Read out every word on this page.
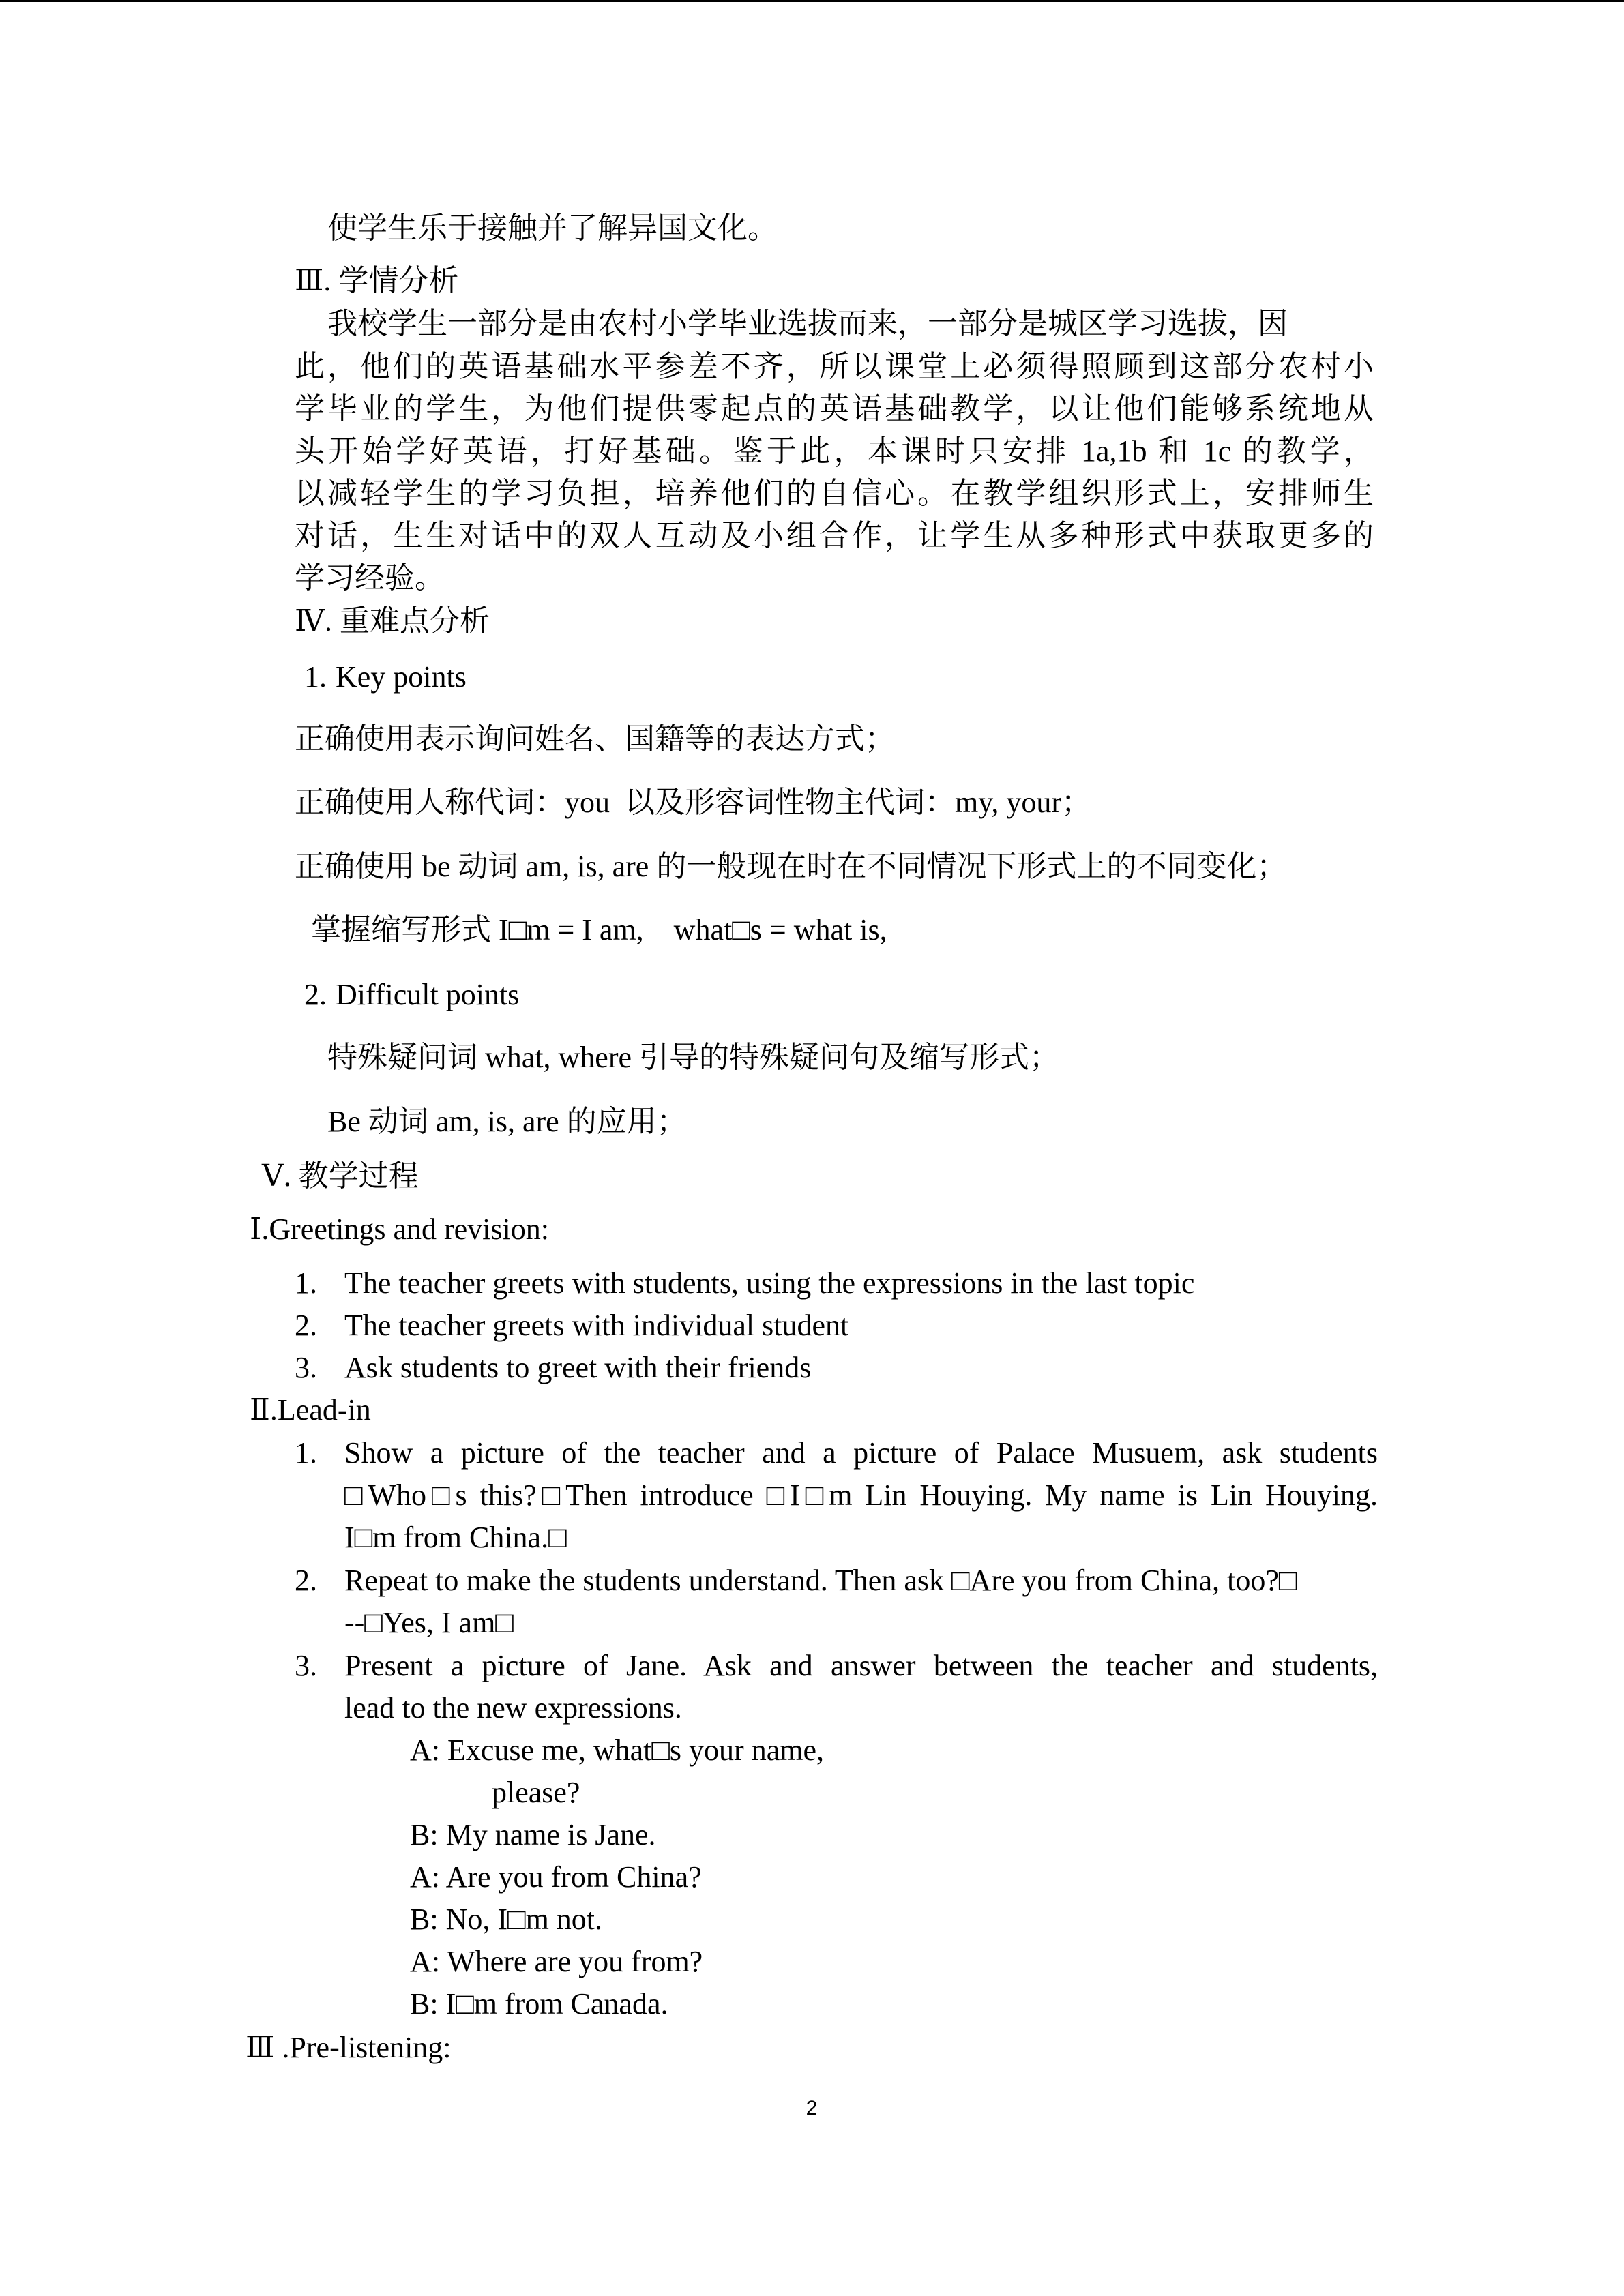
使学生乐于接触并了解异国文化。
Ⅲ. 学情分析
我校学生一部分是由农村小学毕业选拔而来，一部分是城区学习选拔，因
此，他们的英语基础水平参差不齐，所以课堂上必须得照顾到这部分农村小
学毕业的学生，为他们提供零起点的英语基础教学，以让他们能够系统地从
头开始学好英语，打好基础。鉴于此，本课时只安排 1a,1b 和 1c 的教学，
以减轻学生的学习负担，培养他们的自信心。在教学组织形式上，安排师生
对话，生生对话中的双人互动及小组合作，让学生从多种形式中获取更多的
学习经验。
Ⅳ. 重难点分析
1. Key points
正确使用表示询问姓名、国籍等的表达方式；
正确使用人称代词：you  以及形容词性物主代词：my, your；
正确使用 be 动词 am, is, are 的一般现在时在不同情况下形式上的不同变化；
掌握缩写形式 I□m = I am,    what□s = what is,
2. Difficult points
特殊疑问词 what, where 引导的特殊疑问句及缩写形式；
Be 动词 am, is, are 的应用；
Ⅴ. 教学过程
Ⅰ.Greetings and revision:
1. The teacher greets with students, using the expressions in the last topic
2. The teacher greets with individual student
3. Ask students to greet with their friends
Ⅱ.Lead-in
1. Show a picture of the teacher and a picture of Palace Musuem, ask students
□Who□s this?□Then introduce □I□m Lin Houying. My name is Lin Houying.
I□m from China.□
2. Repeat to make the students understand. Then ask □Are you from China, too?□
--□Yes, I am□
3. Present a picture of Jane. Ask and answer between the teacher and students,
lead to the new expressions.
A: Excuse me, what□s your name,
please?
B: My name is Jane.
A: Are you from China?
B: No, I□m not.
A: Where are you from?
B: I□m from Canada.
Ⅲ .Pre-listening:
2
